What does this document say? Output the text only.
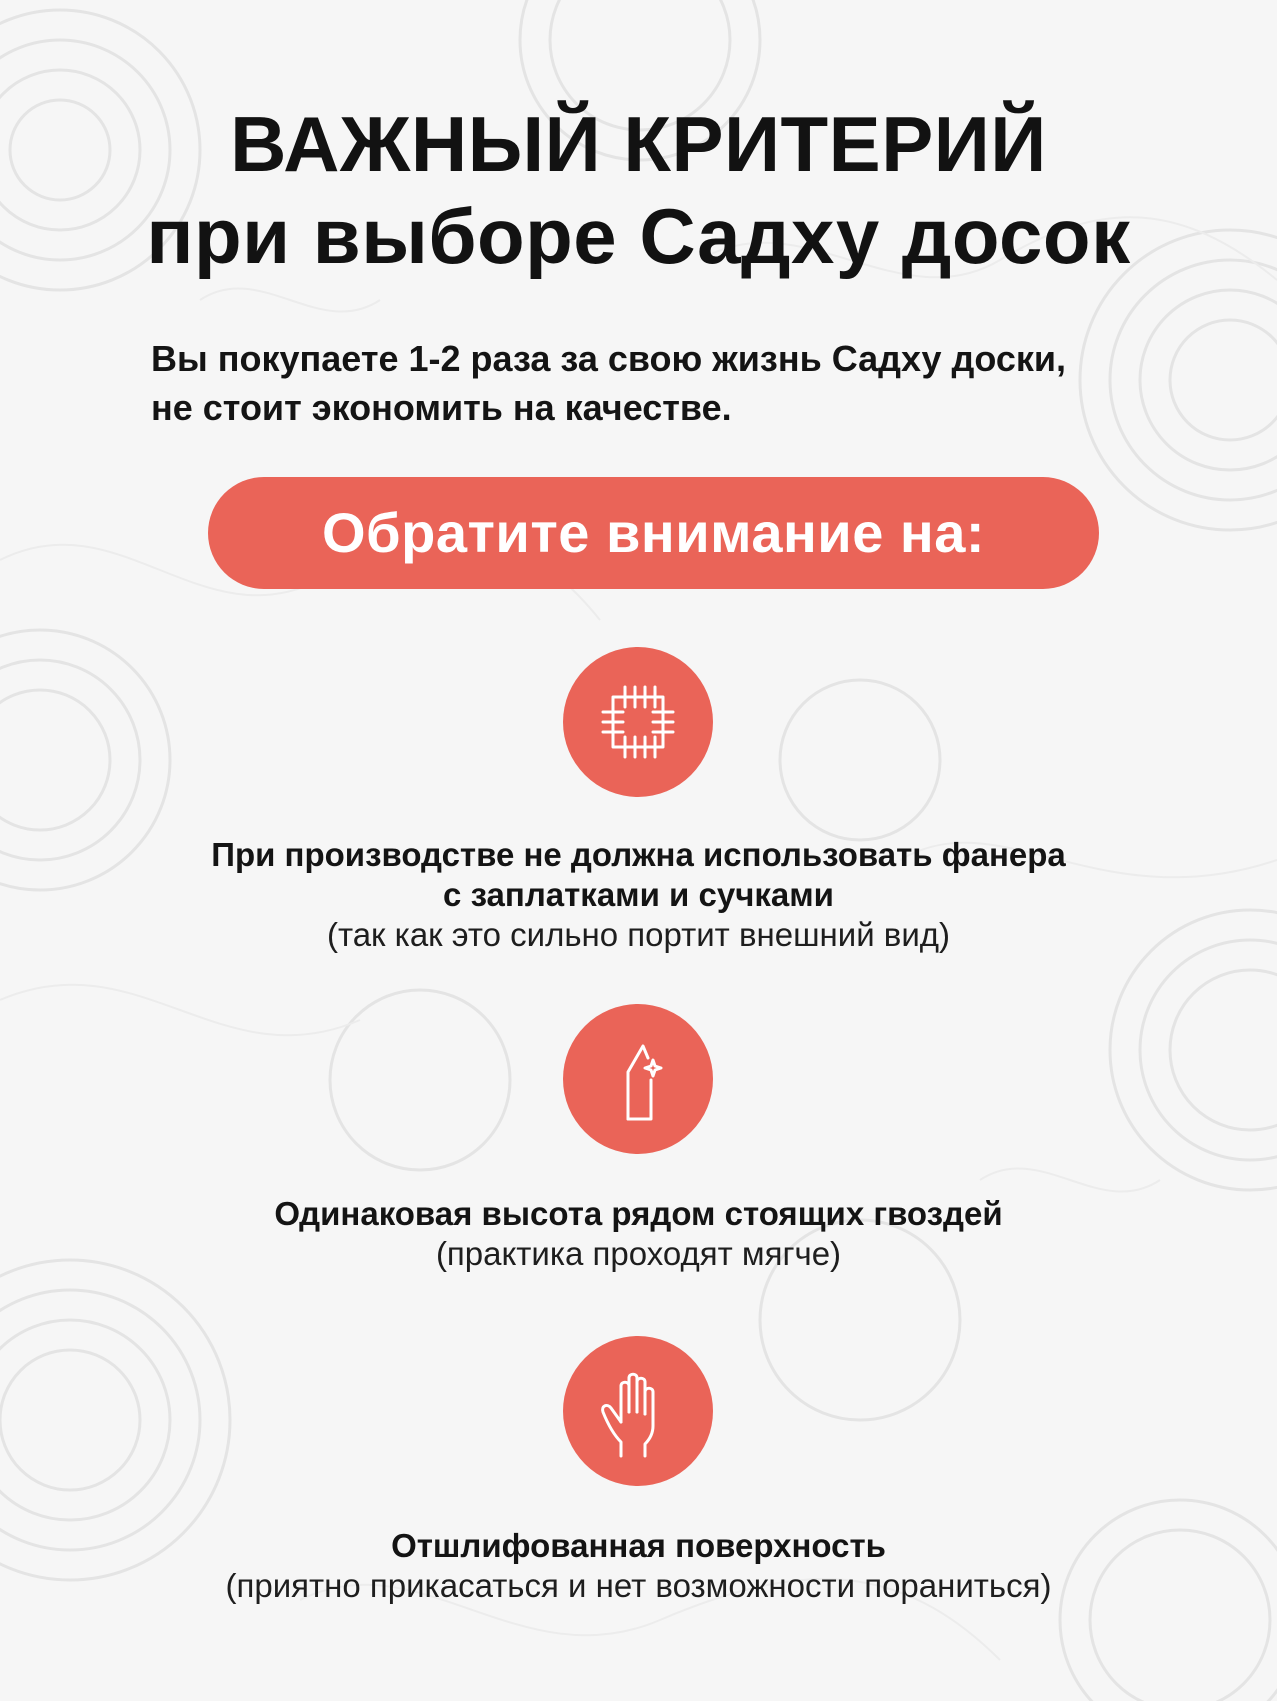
ВАЖНЫЙ КРИТЕРИЙ
при выборе Садху досок

Вы покупаете 1-2 раза за свою жизнь Садху доски,
не стоит экономить на качестве.

Обратите внимание на:

При производстве не должна использовать фанера
с заплатками и сучками
(так как это сильно портит внешний вид)

Одинаковая высота рядом стоящих гвоздей
(практика проходят мягче)

Отшлифованная поверхность
(приятно прикасаться и нет возможности пораниться)
